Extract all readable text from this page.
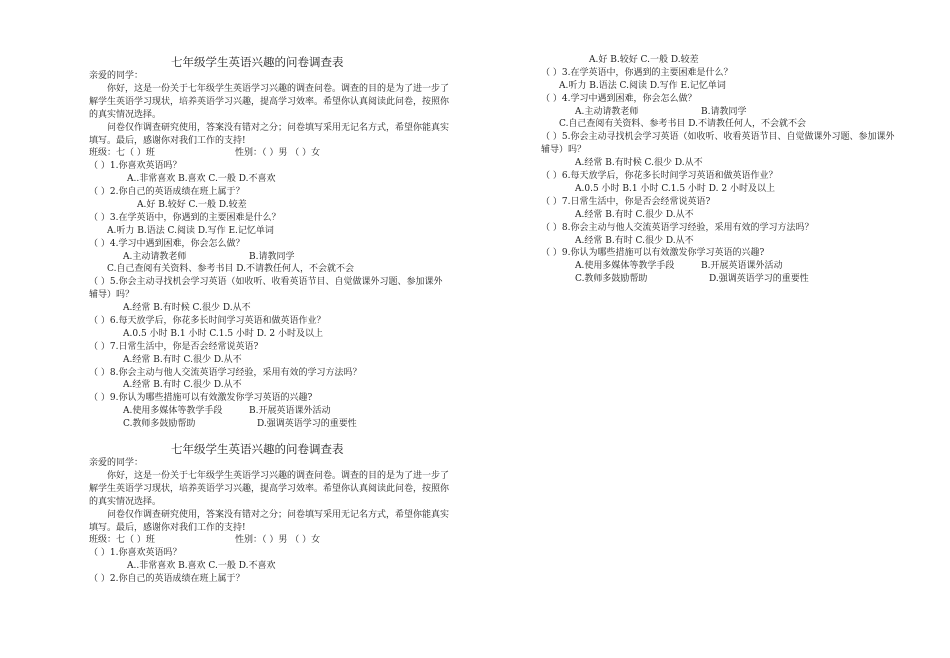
七年级学生英语兴趣的问卷调查表
亲爱的同学：
你好，这是一份关于七年级学生英语学习兴趣的调查问卷。调查的目的是为了进一步了解学生英语学习现状，培养英语学习兴趣，提高学习效率。希望你认真阅读此问卷，按照你的真实情况选择。
问卷仅作调查研究使用，答案没有错对之分；问卷填写采用无记名方式，希望你能真实填写。最后，感谢你对我们工作的支持!
班级：七（ ）班	性别：（ ）男 （ ）女
（ ）1.你喜欢英语吗？
A..非常喜欢 B.喜欢 C.一般 D.不喜欢
（ ）2.你自己的英语成绩在班上属于？
A.好 B.较好 C.一般 D.较差
（ ）3.在学英语中，你遇到的主要困难是什么？
A.听力 B.语法 C.阅读 D.写作 E.记忆单词
（ ）4.学习中遇到困难，你会怎么做？
A.主动请教老师	B.请教同学
C.自己查阅有关资料、参考书目 D.不请教任何人，不会就不会
（ ）5.你会主动寻找机会学习英语（如收听、收看英语节目、自觉做课外习题、参加课外辅导）吗？
A.经常 B.有时候 C.很少 D.从不
（ ）6.每天放学后，你花多长时间学习英语和做英语作业？
A.0.5 小时 B.1 小时 C.1.5 小时 D. 2 小时及以上
（ ）7.日常生活中，你是否会经常说英语?
A.经常 B.有时 C.很少 D.从不
（ ）8.你会主动与他人交流英语学习经验，采用有效的学习方法吗？
A.经常 B.有时 C.很少 D.从不
（ ）9.你认为哪些措施可以有效激发你学习英语的兴趣?
A.使用多媒体等教学手段	B.开展英语课外活动
C.教师多鼓励帮助	D.强调英语学习的重要性
七年级学生英语兴趣的问卷调查表
亲爱的同学：
你好，这是一份关于七年级学生英语学习兴趣的调查问卷。调查的目的是为了进一步了解学生英语学习现状，培养英语学习兴趣，提高学习效率。希望你认真阅读此问卷，按照你的真实情况选择。
问卷仅作调查研究使用，答案没有错对之分；问卷填写采用无记名方式，希望你能真实填写。最后，感谢你对我们工作的支持!
班级：七（ ）班	性别：（ ）男 （ ）女
（ ）1.你喜欢英语吗？
A..非常喜欢 B.喜欢 C.一般 D.不喜欢
（ ）2.你自己的英语成绩在班上属于？
A.好 B.较好 C.一般 D.较差
（ ）3.在学英语中，你遇到的主要困难是什么？
A.听力 B.语法 C.阅读 D.写作 E.记忆单词
（ ）4.学习中遇到困难，你会怎么做？
A.主动请教老师	B.请教同学
C.自己查阅有关资料、参考书目 D.不请教任何人，不会就不会
（ ）5.你会主动寻找机会学习英语（如收听、收看英语节目、自觉做课外习题、参加课外辅导）吗？
A.经常 B.有时候 C.很少 D.从不
（ ）6.每天放学后，你花多长时间学习英语和做英语作业？
A.0.5 小时 B.1 小时 C.1.5 小时 D. 2 小时及以上
（ ）7.日常生活中，你是否会经常说英语?
A.经常 B.有时 C.很少 D.从不
（ ）8.你会主动与他人交流英语学习经验，采用有效的学习方法吗？
A.经常 B.有时 C.很少 D.从不
（ ）9.你认为哪些措施可以有效激发你学习英语的兴趣?
A.使用多媒体等教学手段	B.开展英语课外活动
C.教师多鼓励帮助	D.强调英语学习的重要性
